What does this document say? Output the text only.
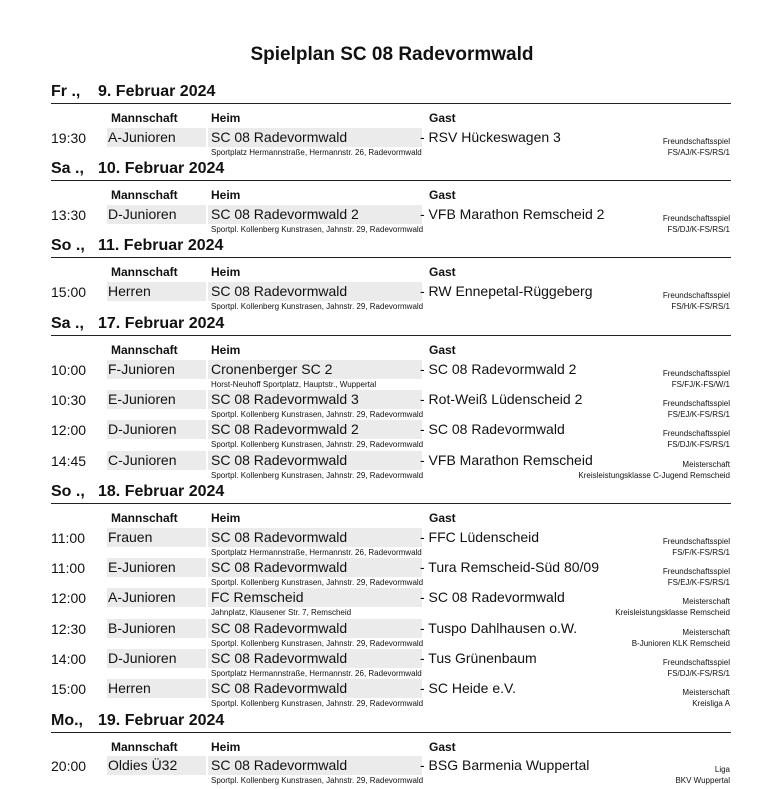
Spielplan SC 08 Radevormwald
Fr ., 9. Februar 2024
Mannschaft	Heim	Gast
19:30 A-Junioren	SC 08 Radevormwald	- RSV Hückeswagen 3
Sportplatz Hermannstraße, Hermannstr. 26, Radevormwald
Freundschaftsspiel
FS/AJ/K-FS/RS/1
Sa ., 10. Februar 2024
Mannschaft	Heim	Gast
13:30 D-Junioren	SC 08 Radevormwald 2	- VFB Marathon Remscheid 2
Sportpl. Kollenberg Kunstrasen, Jahnstr. 29, Radevormwald
Freundschaftsspiel
FS/DJ/K-FS/RS/1
So ., 11. Februar 2024
Mannschaft	Heim	Gast
15:00 Herren	SC 08 Radevormwald	- RW Ennepetal-Rüggeberg
Sportpl. Kollenberg Kunstrasen, Jahnstr. 29, Radevormwald
Freundschaftsspiel
FS/H/K-FS/RS/1
Sa ., 17. Februar 2024
Mannschaft	Heim	Gast
10:00 F-Junioren	Cronenberger SC 2	- SC 08 Radevormwald 2
Horst-Neuhoff Sportplatz, Hauptstr., Wuppertal
Freundschaftsspiel
FS/FJ/K-FS/W/1
10:30 E-Junioren	SC 08 Radevormwald 3	- Rot-Weiß Lüdenscheid 2
Sportpl. Kollenberg Kunstrasen, Jahnstr. 29, Radevormwald
Freundschaftsspiel
FS/EJ/K-FS/RS/1
12:00 D-Junioren	SC 08 Radevormwald 2	- SC 08 Radevormwald
Sportpl. Kollenberg Kunstrasen, Jahnstr. 29, Radevormwald
Freundschaftsspiel
FS/DJ/K-FS/RS/1
14:45 C-Junioren	SC 08 Radevormwald	- VFB Marathon Remscheid
Sportpl. Kollenberg Kunstrasen, Jahnstr. 29, Radevormwald
Meisterschaft
Kreisleistungsklasse C-Jugend Remscheid
So ., 18. Februar 2024
Mannschaft	Heim	Gast
11:00 Frauen	SC 08 Radevormwald	- FFC Lüdenscheid
Sportplatz Hermannstraße, Hermannstr. 26, Radevormwald
Freundschaftsspiel
FS/F/K-FS/RS/1
11:00 E-Junioren	SC 08 Radevormwald	- Tura Remscheid-Süd 80/09
Sportpl. Kollenberg Kunstrasen, Jahnstr. 29, Radevormwald
Freundschaftsspiel
FS/EJ/K-FS/RS/1
12:00 A-Junioren	FC Remscheid	- SC 08 Radevormwald
Jahnplatz, Klausener Str. 7, Remscheid
Meisterschaft
Kreisleistungsklasse Remscheid
12:30 B-Junioren	SC 08 Radevormwald	- Tuspo Dahlhausen o.W.
Sportpl. Kollenberg Kunstrasen, Jahnstr. 29, Radevormwald
Meisterschaft
B-Junioren KLK Remscheid
14:00 D-Junioren	SC 08 Radevormwald	- Tus Grünenbaum
Sportplatz Hermannstraße, Hermannstr. 26, Radevormwald
Freundschaftsspiel
FS/DJ/K-FS/RS/1
15:00 Herren	SC 08 Radevormwald	- SC Heide e.V.
Sportpl. Kollenberg Kunstrasen, Jahnstr. 29, Radevormwald
Meisterschaft
Kreisliga A
Mo., 19. Februar 2024
Mannschaft	Heim	Gast
20:00 Oldies Ü32	SC 08 Radevormwald	- BSG Barmenia Wuppertal
Sportpl. Kollenberg Kunstrasen, Jahnstr. 29, Radevormwald
Liga
BKV Wuppertal
